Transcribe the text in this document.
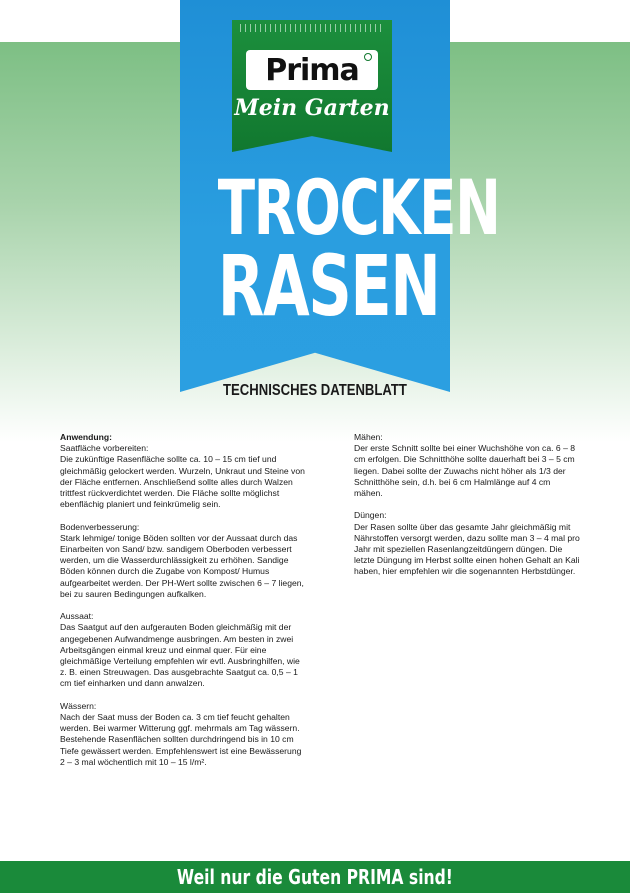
Prima
Mein Garten
TROCKEN
RASEN
TECHNISCHES DATENBLATT
Anwendung:
Saatfläche vorbereiten:
Die zukünftige Rasenfläche sollte ca. 10 – 15 cm tief und gleichmäßig gelockert werden. Wurzeln, Unkraut und Steine von der Fläche entfernen. Anschließend sollte alles durch Walzen trittfest rückverdichtet werden. Die Fläche sollte möglichst ebenflächig planiert und feinkrümelig sein.
Bodenverbesserung:
Stark lehmige/ tonige Böden sollten vor der Aussaat durch das Einarbeiten von Sand/ bzw. sandigem Oberboden verbessert werden, um die Wasserdurchlässigkeit zu erhöhen. Sandige Böden können durch die Zugabe von Kompost/ Humus aufgearbeitet werden. Der PH-Wert sollte zwischen 6 – 7 liegen, bei zu sauren Bedingungen aufkalken.
Aussaat:
Das Saatgut auf den aufgerauten Boden gleichmäßig mit der angegebenen Aufwandmenge ausbringen. Am besten in zwei Arbeitsgängen einmal kreuz und einmal quer. Für eine gleichmäßige Verteilung empfehlen wir evtl. Ausbringhilfen, wie z. B. einen Streuwagen. Das ausgebrachte Saatgut ca. 0,5 – 1 cm tief einharken und dann anwalzen.
Wässern:
Nach der Saat muss der Boden ca. 3 cm tief feucht gehalten werden. Bei warmer Witterung ggf. mehrmals am Tag wässern. Bestehende Rasenflächen sollten durchdringend bis in 10 cm Tiefe gewässert werden. Empfehlenswert ist eine Bewässerung 2 – 3 mal wöchentlich mit 10 – 15 l/m².
Mähen:
Der erste Schnitt sollte bei einer Wuchshöhe von ca. 6 – 8 cm erfolgen. Die Schnitthöhe sollte dauerhaft bei 3 – 5 cm liegen. Dabei sollte der Zuwachs nicht höher als 1/3 der Schnitthöhe sein, d.h. bei 6 cm Halmlänge auf 4 cm mähen.
Düngen:
Der Rasen sollte über das gesamte Jahr gleichmäßig mit Nährstoffen versorgt werden, dazu sollte man 3 – 4 mal pro Jahr mit speziellen Rasenlangzeitdüngern düngen. Die letzte Düngung im Herbst sollte einen hohen Gehalt an Kali haben, hier empfehlen wir die sogenannten Herbstdünger.
Weil nur die Guten PRIMA sind!
